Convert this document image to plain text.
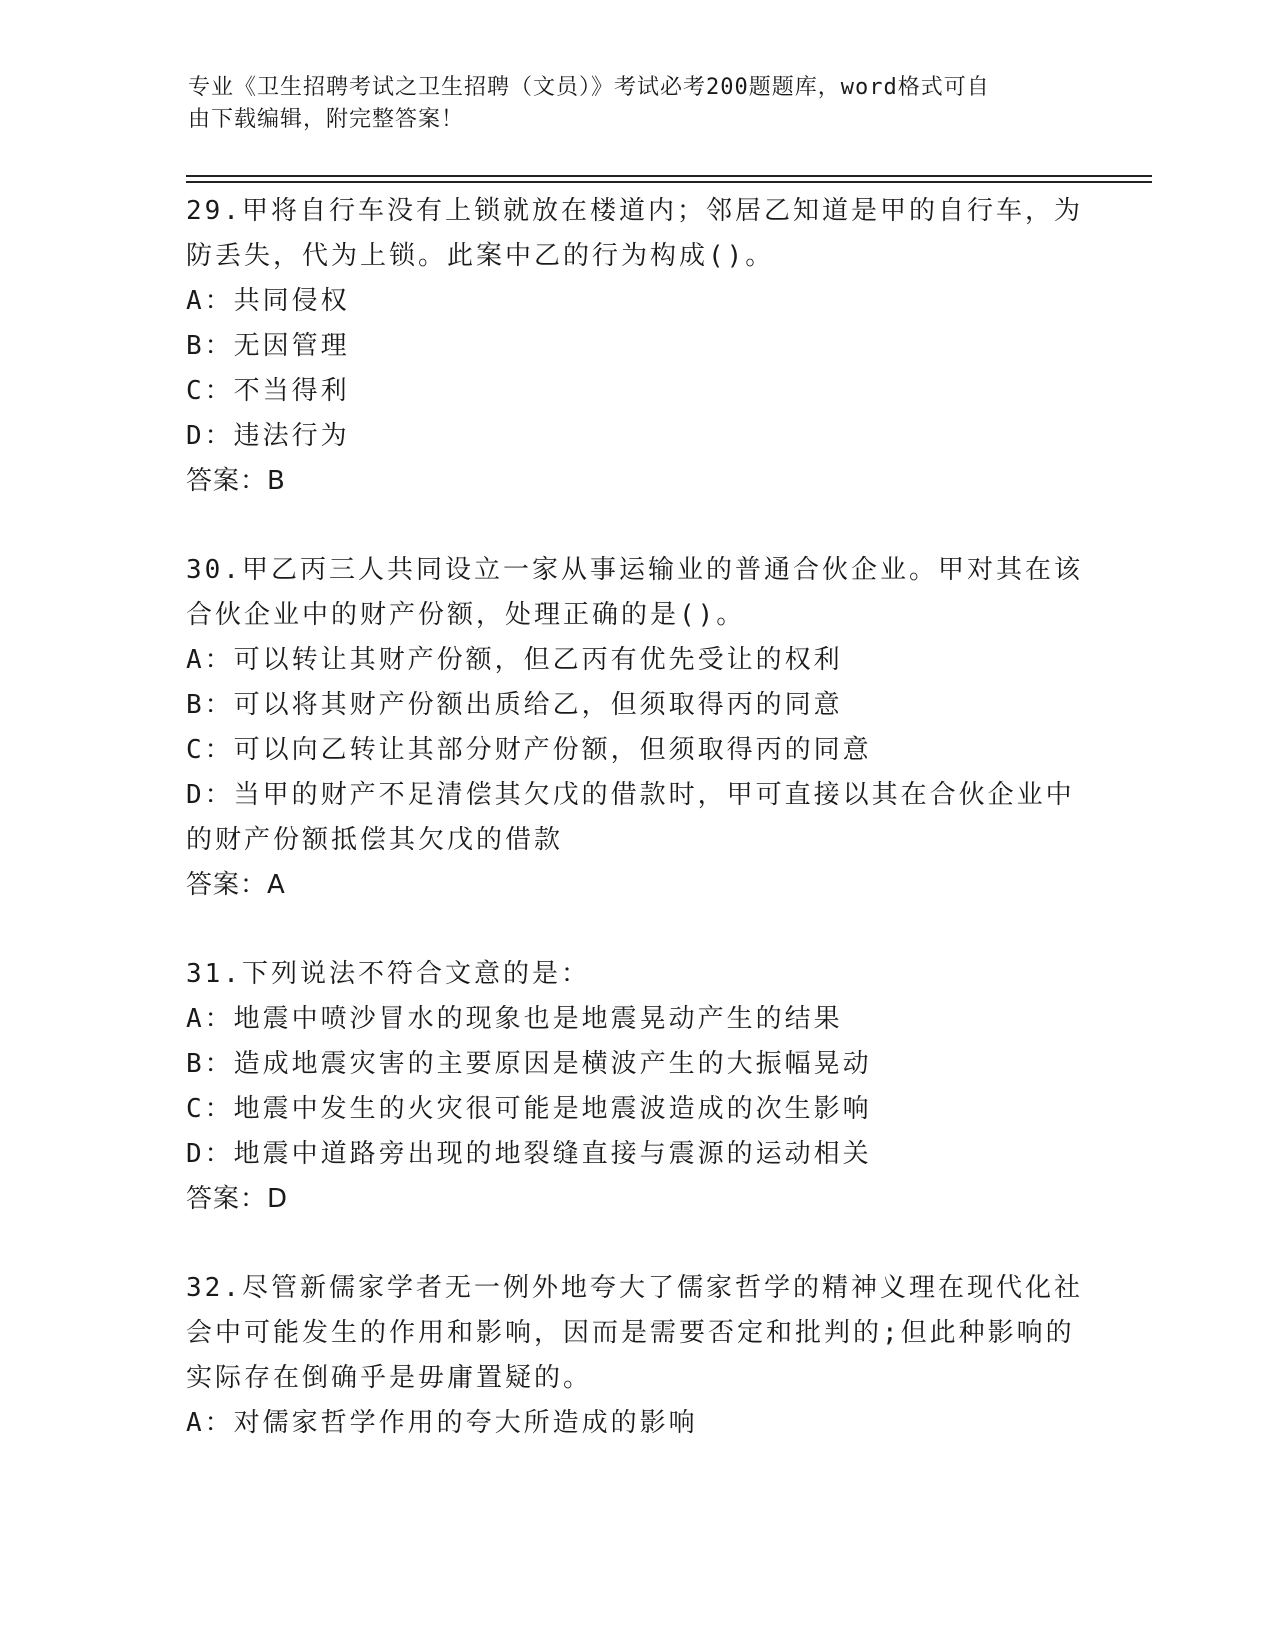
专业《卫生招聘考试之卫生招聘（文员）》考试必考200题题库，word格式可自
由下载编辑，附完整答案！
29.甲将自行车没有上锁就放在楼道内；邻居乙知道是甲的自行车，为
防丢失，代为上锁。此案中乙的行为构成()。
A：共同侵权
B：无因管理
C：不当得利
D：违法行为
答案：B
30.甲乙丙三人共同设立一家从事运输业的普通合伙企业。甲对其在该
合伙企业中的财产份额，处理正确的是()。
A：可以转让其财产份额，但乙丙有优先受让的权利
B：可以将其财产份额出质给乙，但须取得丙的同意
C：可以向乙转让其部分财产份额，但须取得丙的同意
D：当甲的财产不足清偿其欠戊的借款时，甲可直接以其在合伙企业中
的财产份额抵偿其欠戊的借款
答案：A
31.下列说法不符合文意的是：
A：地震中喷沙冒水的现象也是地震晃动产生的结果
B：造成地震灾害的主要原因是横波产生的大振幅晃动
C：地震中发生的火灾很可能是地震波造成的次生影响
D：地震中道路旁出现的地裂缝直接与震源的运动相关
答案：D
32.尽管新儒家学者无一例外地夸大了儒家哲学的精神义理在现代化社
会中可能发生的作用和影响，因而是需要否定和批判的;但此种影响的
实际存在倒确乎是毋庸置疑的。
A：对儒家哲学作用的夸大所造成的影响
